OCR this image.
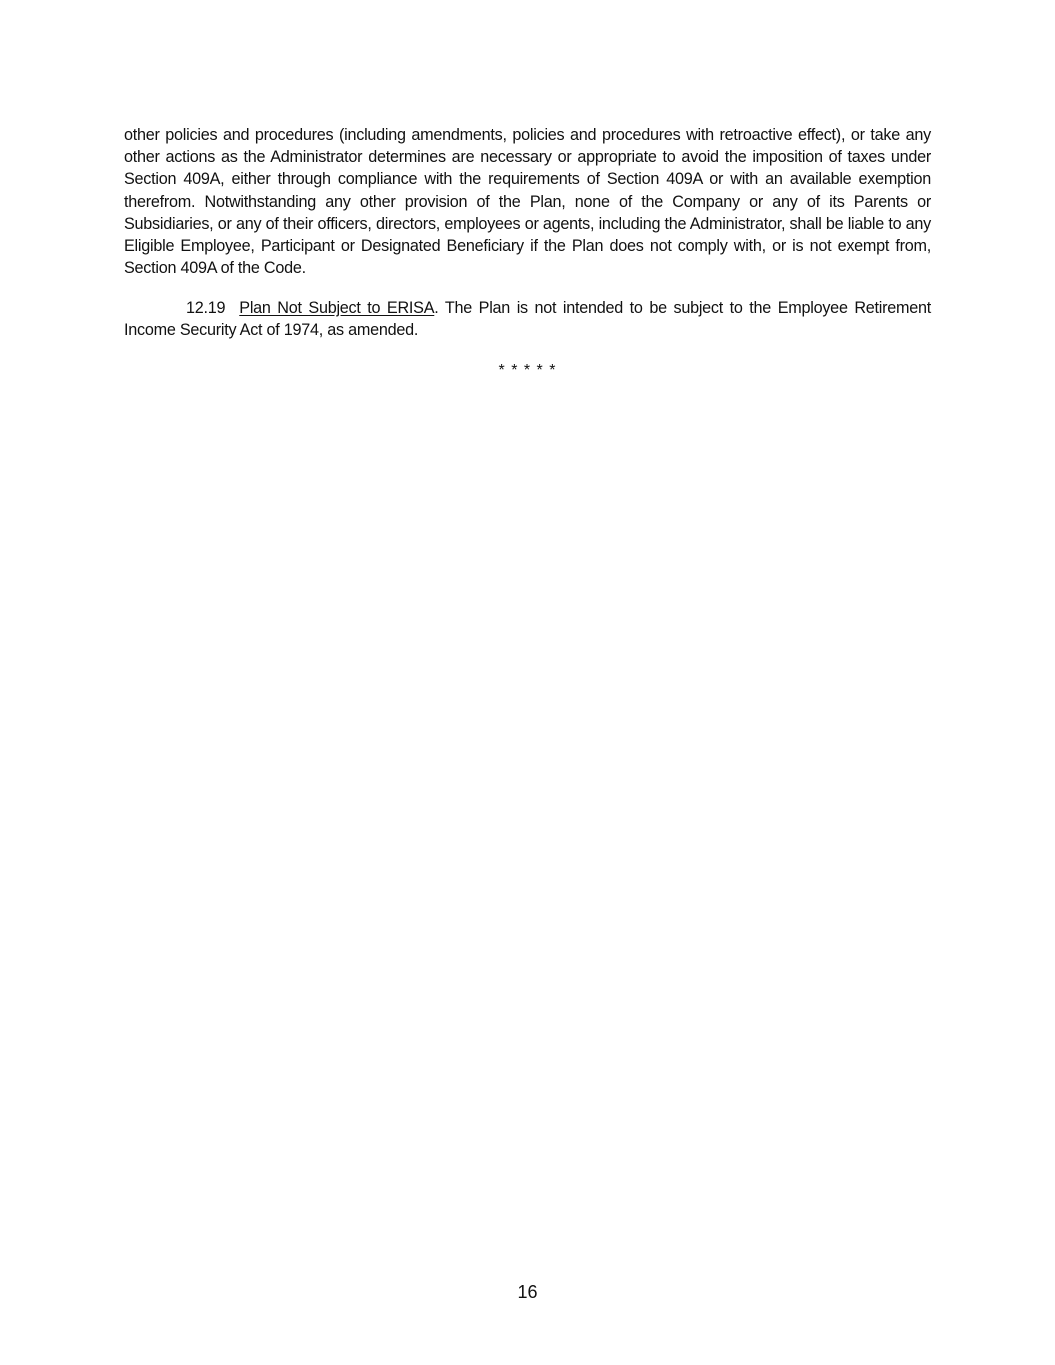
other policies and procedures (including amendments, policies and procedures with retroactive effect), or take any other actions as the Administrator determines are necessary or appropriate to avoid the imposition of taxes under Section 409A, either through compliance with the requirements of Section 409A or with an available exemption therefrom. Notwithstanding any other provision of the Plan, none of the Company or any of its Parents or Subsidiaries, or any of their officers, directors, employees or agents, including the Administrator, shall be liable to any Eligible Employee, Participant or Designated Beneficiary if the Plan does not comply with, or is not exempt from, Section 409A of the Code.

12.19 Plan Not Subject to ERISA. The Plan is not intended to be subject to the Employee Retirement Income Security Act of 1974, as amended.

* * * * *
16
